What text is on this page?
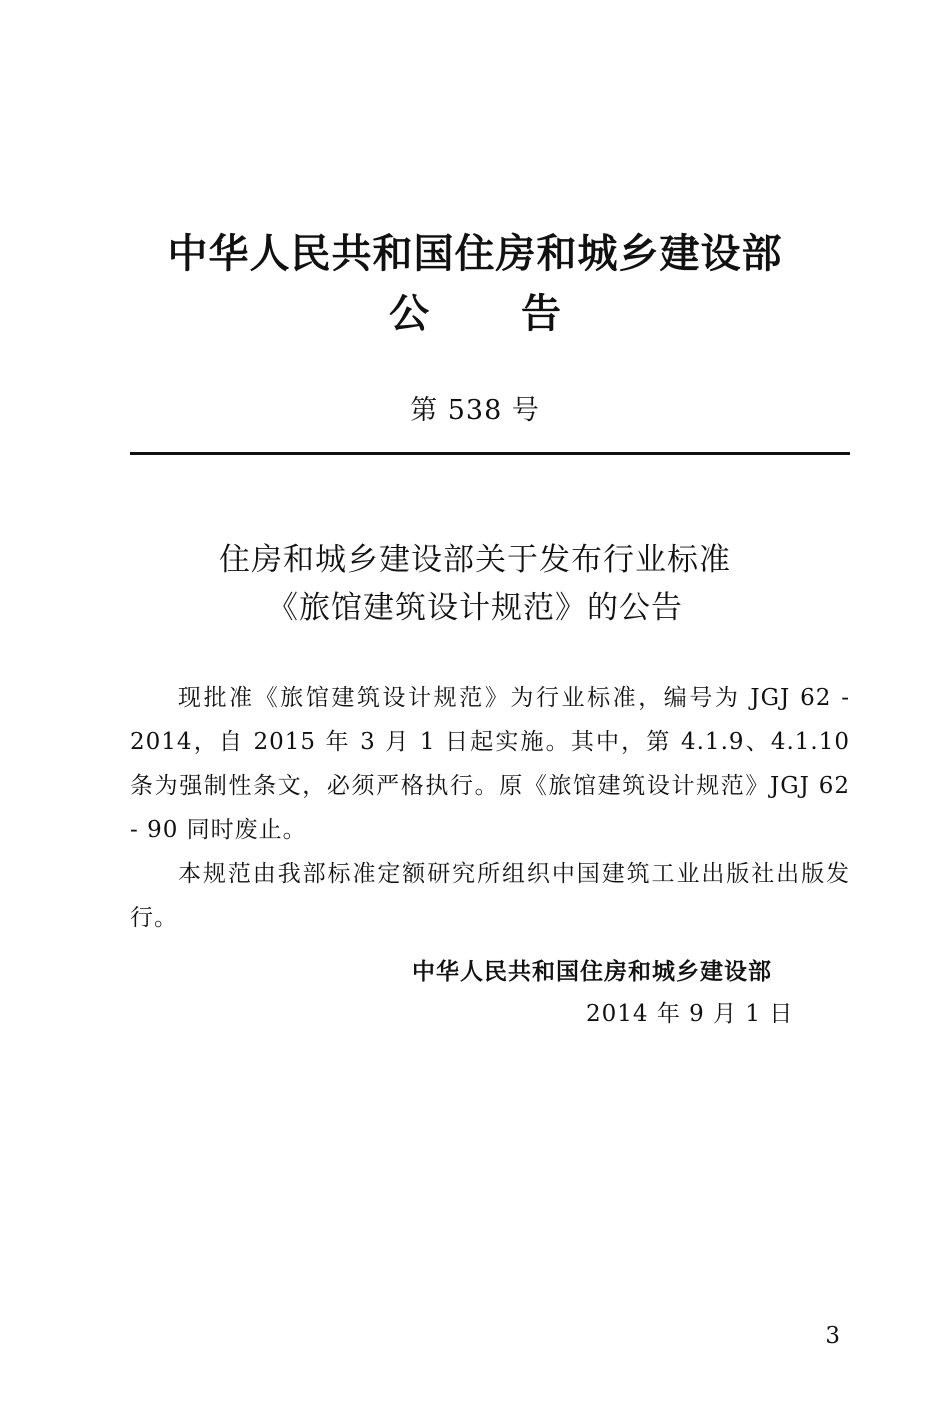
中华人民共和国住房和城乡建设部
公 告
第 538 号
住房和城乡建设部关于发布行业标准
《旅馆建筑设计规范》的公告

现批准《旅馆建筑设计规范》为行业标准，编号为 JGJ 62 - 2014，自 2015 年 3 月 1 日起实施。其中，第 4.1.9、4.1.10 条为强制性条文，必须严格执行。原《旅馆建筑设计规范》JGJ 62 - 90 同时废止。

本规范由我部标准定额研究所组织中国建筑工业出版社出版发行。

中华人民共和国住房和城乡建设部
2014 年 9 月 1 日
3
